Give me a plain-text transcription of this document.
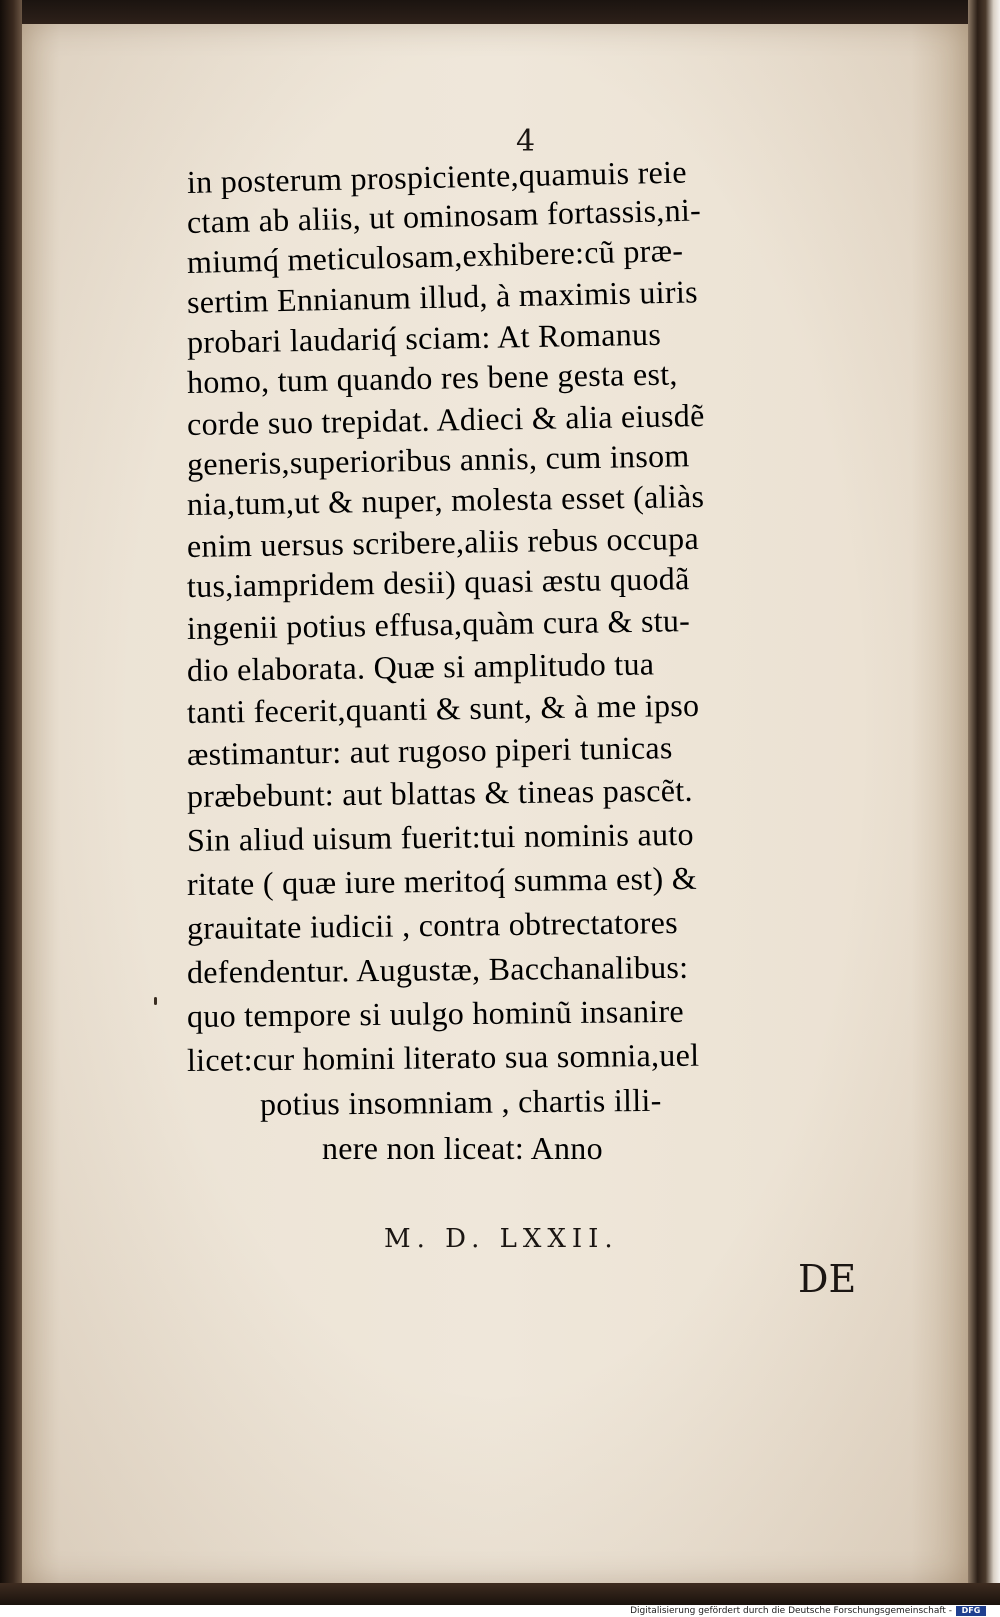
4
in posterum prospiciente,quamuis reie
ctam ab aliis, ut ominosam fortassis,ni-
miumq́ meticulosam,exhibere:cũ præ-
sertim Ennianum illud, à maximis uiris
probari laudariq́ sciam: At Romanus
homo, tum quando res bene gesta est,
corde suo trepidat. Adieci & alia eiusdẽ
generis,superioribus annis, cum insom
nia,tum,ut & nuper, molesta esset (aliàs
enim uersus scribere,aliis rebus occupa
tus,iampridem desii) quasi æstu quodã
ingenii potius effusa,quàm cura & stu-
dio elaborata. Quæ si amplitudo tua
tanti fecerit,quanti & sunt, & à me ipso
æstimantur: aut rugoso piperi tunicas
præbebunt: aut blattas & tineas pascẽt.
Sin aliud uisum fuerit:tui nominis auto
ritate ( quæ iure meritoq́ summa est) &
grauitate iudicii , contra obtrectatores
defendentur. Augustæ, Bacchanalibus:
quo tempore si uulgo hominũ insanire
licet:cur homini literato sua somnia,uel
potius insomniam , chartis illi-
nere non liceat: Anno
M. D. LXXII.
DE
Digitalisierung gefördert durch die Deutsche Forschungsgemeinschaft -	DFG
